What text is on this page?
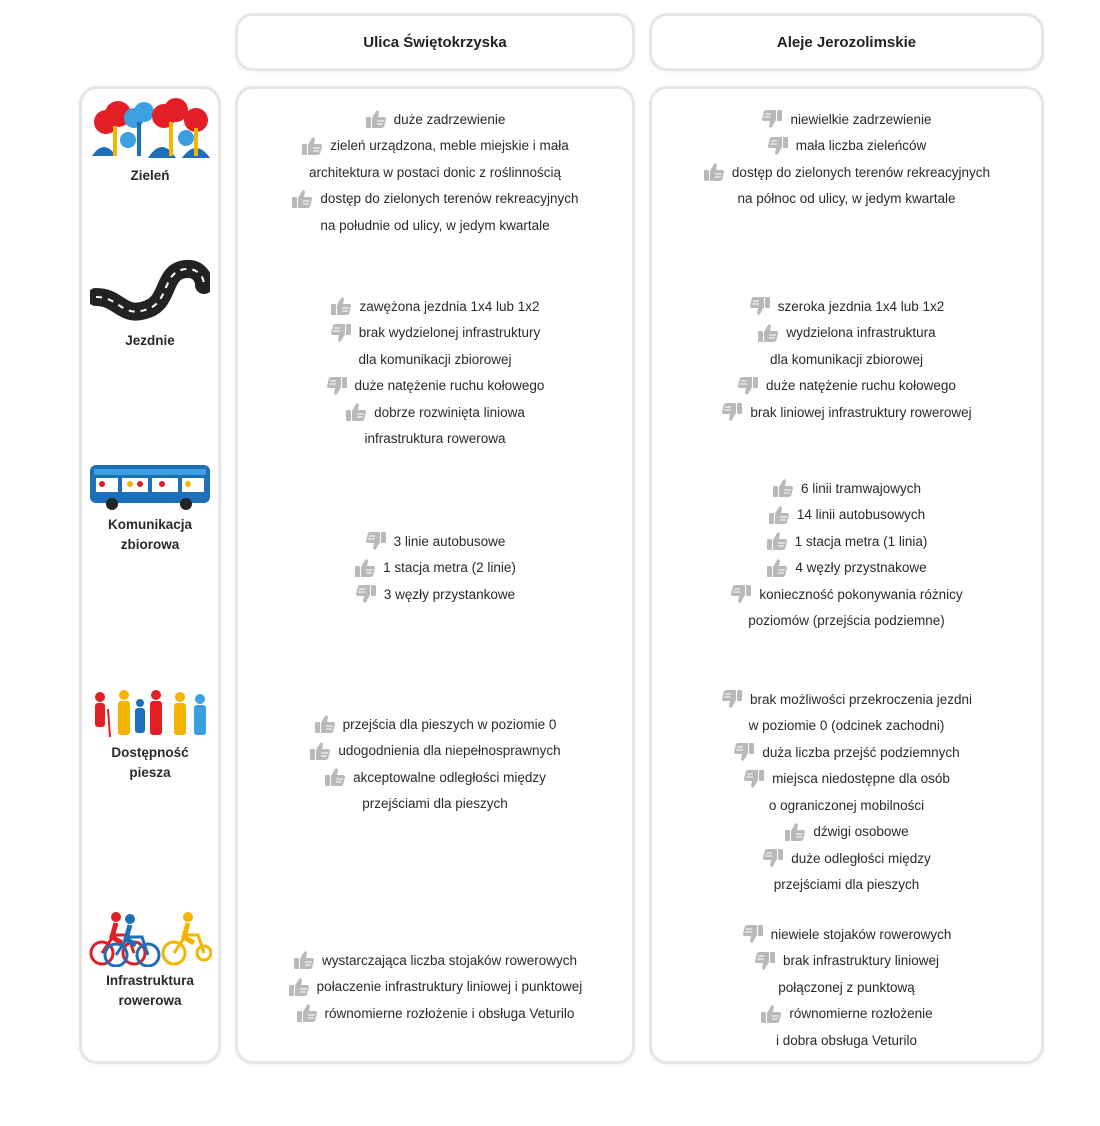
Ulica Świętokrzyska	Aleje Jerozolimskie
Zieleń
Jezdnie
Komunikacja
zbiorowa
Dostępność
piesza
Infrastruktura
rowerowa
duże zadrzewienie
zieleń urządzona, meble miejskie i mała
architektura w postaci donic z roślinnością
dostęp do zielonych terenów rekreacyjnych
na południe od ulicy, w jedym kwartale
zawężona jezdnia 1x4 lub 1x2
brak wydzielonej infrastruktury
dla komunikacji zbiorowej
duże natężenie ruchu kołowego
dobrze rozwinięta liniowa
infrastruktura rowerowa
3 linie autobusowe
1 stacja metra (2 linie)
3 węzły przystankowe
przejścia dla pieszych w poziomie 0
udogodnienia dla niepełnosprawnych
akceptowalne odległości między
przejściami dla pieszych
wystarczająca liczba stojaków rowerowych
połaczenie infrastruktury liniowej i punktowej
równomierne rozłożenie i obsługa Veturilo
niewielkie zadrzewienie
mała liczba zieleńców
dostęp do zielonych terenów rekreacyjnych
na północ od ulicy, w jedym kwartale
szeroka jezdnia 1x4 lub 1x2
wydzielona infrastruktura
dla komunikacji zbiorowej
duże natężenie ruchu kołowego
brak liniowej infrastruktury rowerowej
6 linii tramwajowych
14 linii autobusowych
1 stacja metra (1 linia)
4 węzły przystnakowe
konieczność pokonywania różnicy
poziomów (przejścia podziemne)
brak możliwości przekroczenia jezdni
w poziomie 0 (odcinek zachodni)
duża liczba przejść podziemnych
miejsca niedostępne dla osób
o ograniczonej mobilności
dźwigi osobowe
duże odległości między
przejściami dla pieszych
niewiele stojaków rowerowych
brak infrastruktury liniowej
połączonej z punktową
równomierne rozłożenie
i dobra obsługa Veturilo
